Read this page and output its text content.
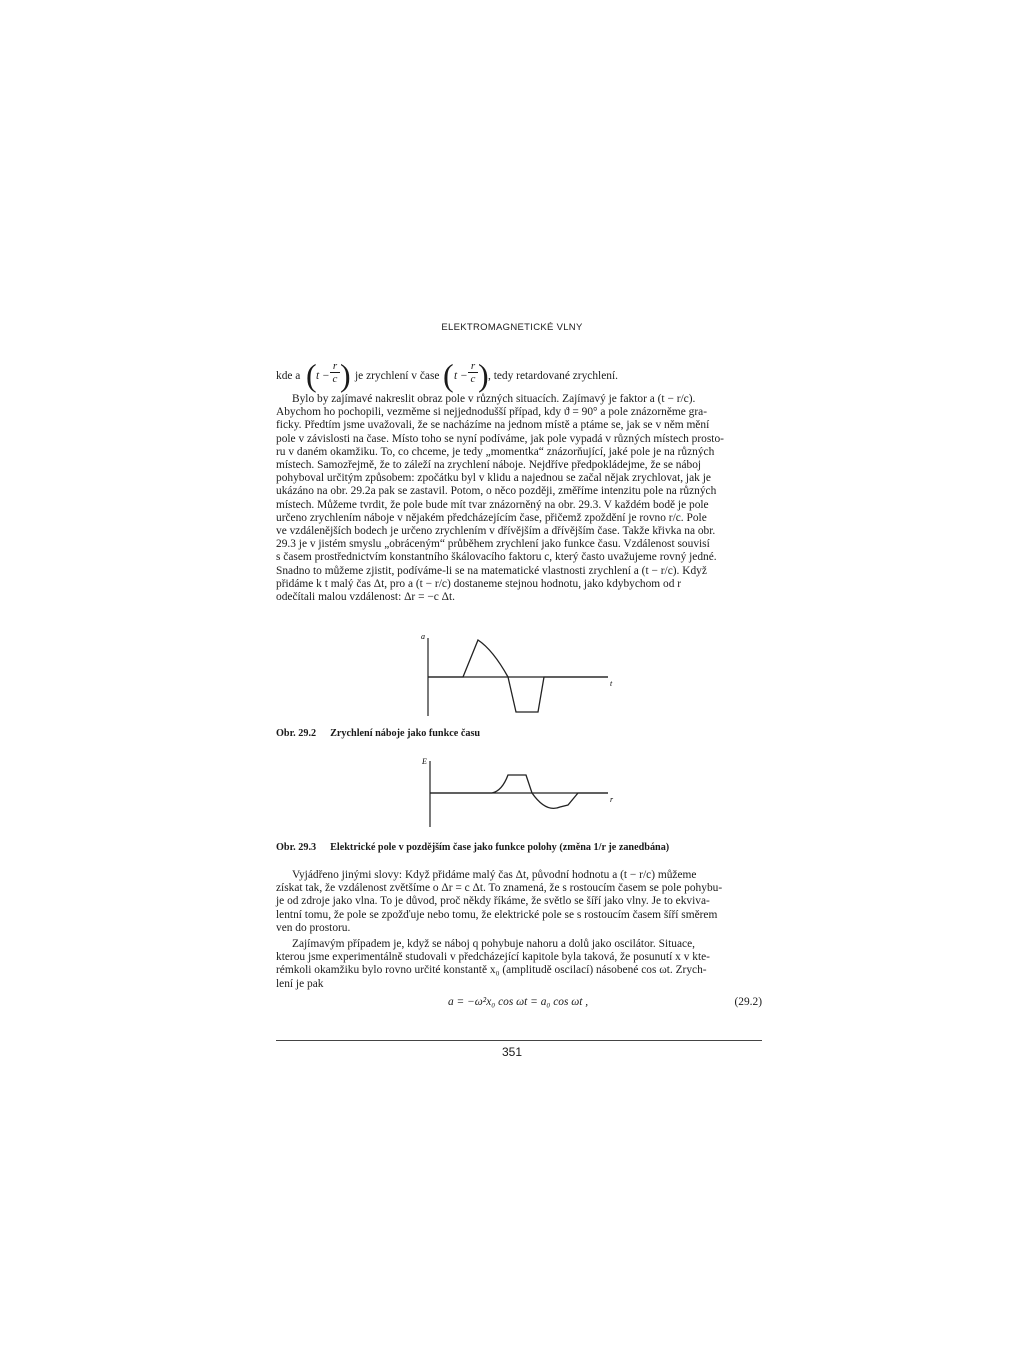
ELEKTROMAGNETICKÉ VLNY
kde a ( $t - \frac{r}{c}$ ) je zrychlení v čase ( $t - \frac{r}{c}$ ) , tedy retardované zrychlení.

Bylo by zajímavé nakreslit obraz pole v různých situacích. Zajímavý je faktor a (t − r/c).

Abychom ho pochopili, vezměme si nejjednodušší případ, kdy ϑ = 90° a pole znázorněme gra-

ficky. Předtím jsme uvažovali, že se nacházíme na jednom místě a ptáme se, jak se v něm mění

pole v závislosti na čase. Místo toho se nyní podíváme, jak pole vypadá v různých místech prosto-

ru v daném okamžiku. To, co chceme, je tedy „momentka“ znázorňující, jaké pole je na různých

místech. Samozřejmě, že to záleží na zrychlení náboje. Nejdříve předpokládejme, že se náboj

pohyboval určitým způsobem: zpočátku byl v klidu a najednou se začal nějak zrychlovat, jak je

ukázáno na obr. 29.2a pak se zastavil. Potom, o něco později, změříme intenzitu pole na různých

místech. Můžeme tvrdit, že pole bude mít tvar znázorněný na obr. 29.3. V každém bodě je pole

určeno zrychlením náboje v nějakém předcházejícím čase, přičemž zpoždění je rovno r/c. Pole

ve vzdálenějších bodech je určeno zrychlením v dřívějším a dřívějším čase. Takže křivka na obr.

29.3 je v jistém smyslu „obráceným“ průběhem zrychlení jako funkce času. Vzdálenost souvisí

s časem prostřednictvím konstantního škálovacího faktoru c, který často uvažujeme rovný jedné.

Snadno to můžeme zjistit, podíváme-li se na matematické vlastnosti zrychlení a (t − r/c). Když

přidáme k t malý čas Δt, pro a (t − r/c) dostaneme stejnou hodnotu, jako kdybychom od r

odečítali malou vzdálenost: Δr = −c Δt.

a
t
Obr. 29.2 Zrychlení náboje jako funkce času
E
r
Obr. 29.3 Elektrické pole v pozdějším čase jako funkce polohy (změna 1/r je zanedbána)

Vyjádřeno jinými slovy: Když přidáme malý čas Δt, původní hodnotu a (t − r/c) můžeme

získat tak, že vzdálenost zvětšíme o Δr = c Δt. To znamená, že s rostoucím časem se pole pohybu-

je od zdroje jako vlna. To je důvod, proč někdy říkáme, že světlo se šíří jako vlny. Je to ekviva-

lentní tomu, že pole se zpožďuje nebo tomu, že elektrické pole se s rostoucím časem šíří směrem

ven do prostoru.

Zajímavým případem je, když se náboj q pohybuje nahoru a dolů jako oscilátor. Situace,

kterou jsme experimentálně studovali v předcházející kapitole byla taková, že posunutí x v kte-

rémkoli okamžiku bylo rovno určité konstantě x₀ (amplitudě oscilací) násobené cos ωt. Zrych-

lení je pak

a = −ω²x₀ cos ωt = a₀ cos ωt ,	(29.2)
351
